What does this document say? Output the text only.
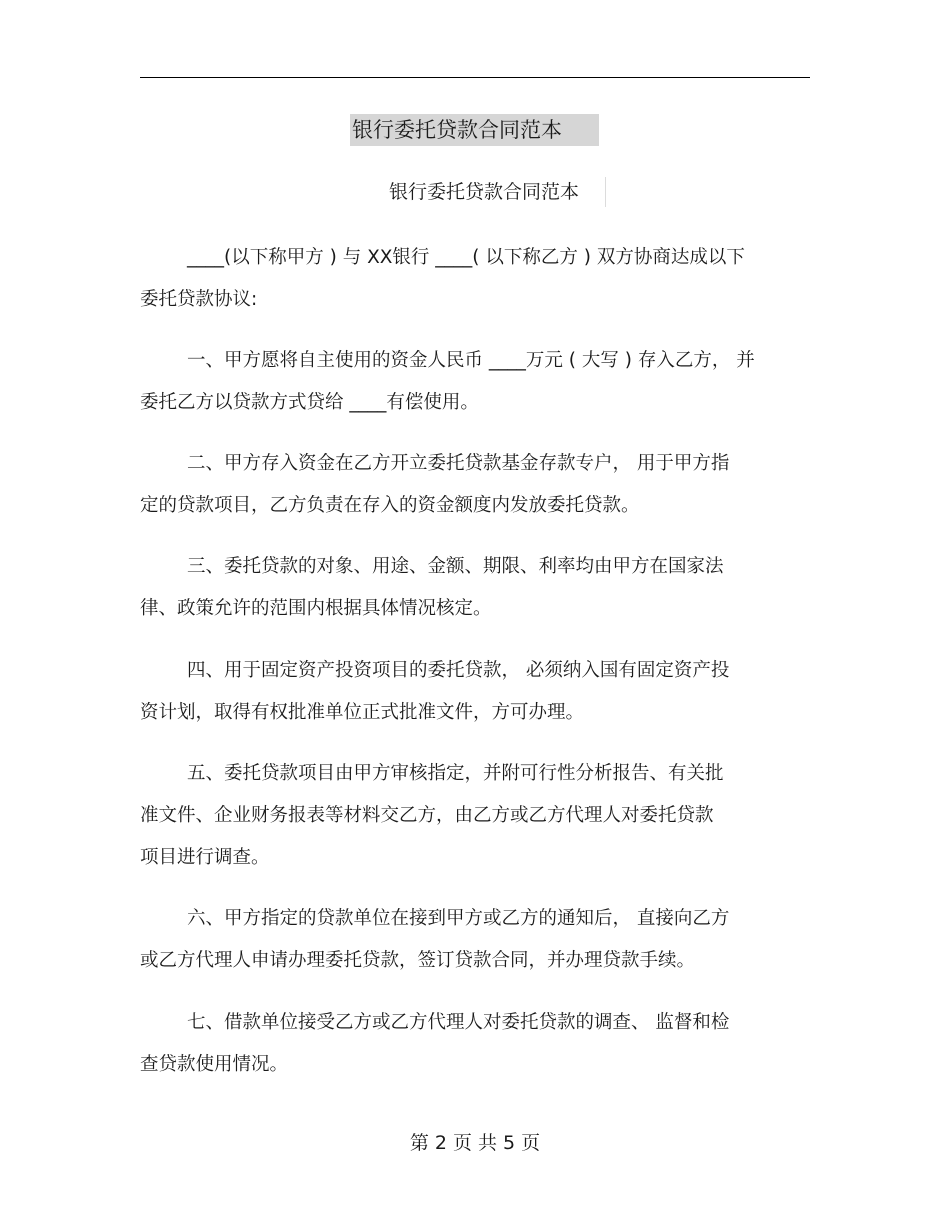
银行委托贷款合同范本
银行委托贷款合同范本
____(以下称甲方 ) 与 XX银行 ____( 以下称乙方 ) 双方协商达成以下
委托贷款协议:
一、甲方愿将自主使用的资金人民币 ____万元 ( 大写 ) 存入乙方， 并
委托乙方以贷款方式贷给 ____有偿使用。
二、甲方存入资金在乙方开立委托贷款基金存款专户， 用于甲方指
定的贷款项目，乙方负责在存入的资金额度内发放委托贷款。
三、委托贷款的对象、用途、金额、期限、利率均由甲方在国家法
律、政策允许的范围内根据具体情况核定。
四、用于固定资产投资项目的委托贷款， 必须纳入国有固定资产投
资计划，取得有权批准单位正式批准文件，方可办理。
五、委托贷款项目由甲方审核指定，并附可行性分析报告、有关批
准文件、企业财务报表等材料交乙方，由乙方或乙方代理人对委托贷款
项目进行调查。
六、甲方指定的贷款单位在接到甲方或乙方的通知后， 直接向乙方
或乙方代理人申请办理委托贷款，签订贷款合同，并办理贷款手续。
七、借款单位接受乙方或乙方代理人对委托贷款的调查、 监督和检
查贷款使用情况。
第 2 页 共 5 页
